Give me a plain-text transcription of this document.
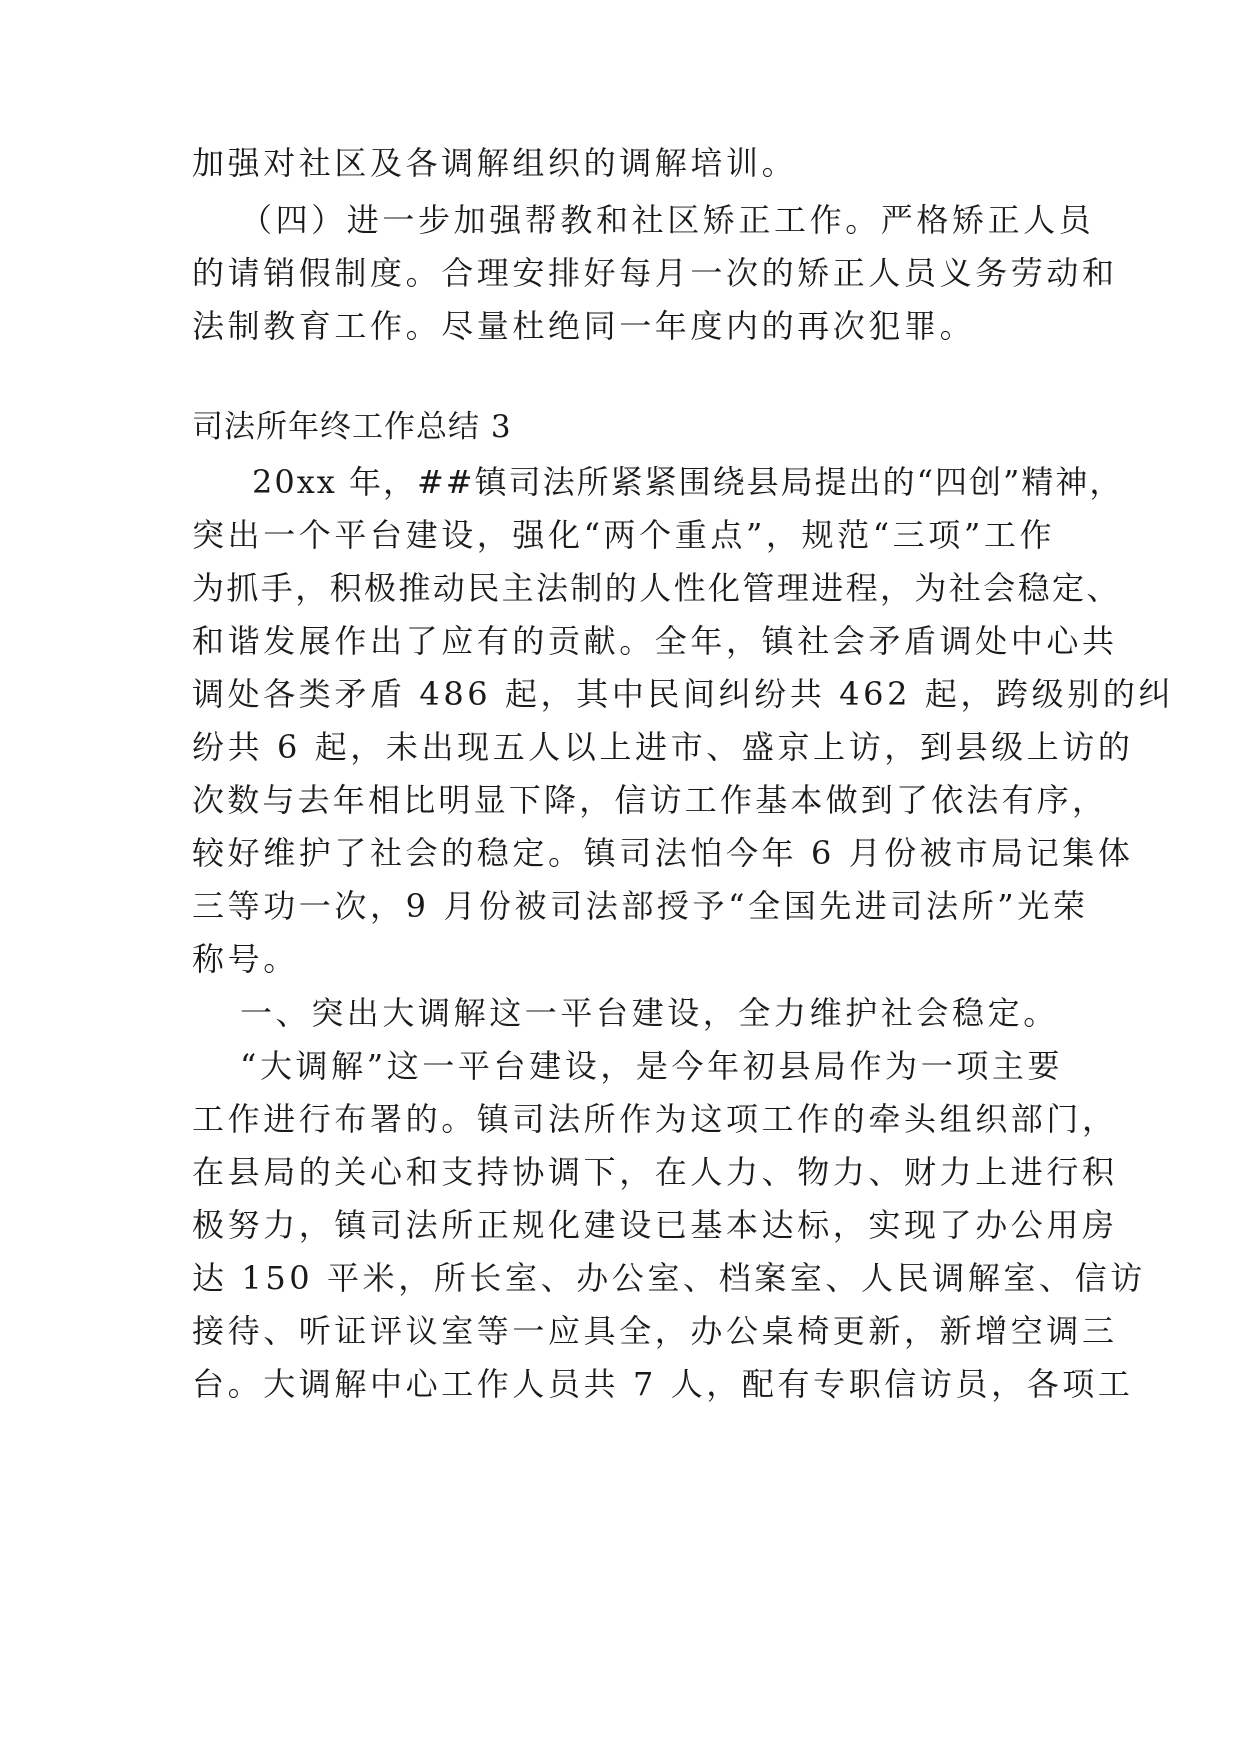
加强对社区及各调解组织的调解培训。
（四）进一步加强帮教和社区矫正工作。严格矫正人员
的请销假制度。合理安排好每月一次的矫正人员义务劳动和
法制教育工作。尽量杜绝同一年度内的再次犯罪。
司法所年终工作总结 3
20xx 年，##镇司法所紧紧围绕县局提出的“四创”精神，
突出一个平台建设，强化“两个重点”，规范“三项”工作
为抓手，积极推动民主法制的人性化管理进程，为社会稳定、
和谐发展作出了应有的贡献。全年，镇社会矛盾调处中心共
调处各类矛盾 486 起，其中民间纠纷共 462 起，跨级别的纠
纷共 6 起，未出现五人以上进市、盛京上访，到县级上访的
次数与去年相比明显下降，信访工作基本做到了依法有序，
较好维护了社会的稳定。镇司法怕今年 6 月份被市局记集体
三等功一次，9 月份被司法部授予“全国先进司法所”光荣
称号。
一、突出大调解这一平台建设，全力维护社会稳定。
“大调解”这一平台建设，是今年初县局作为一项主要
工作进行布署的。镇司法所作为这项工作的牵头组织部门，
在县局的关心和支持协调下，在人力、物力、财力上进行积
极努力，镇司法所正规化建设已基本达标，实现了办公用房
达 150 平米，所长室、办公室、档案室、人民调解室、信访
接待、听证评议室等一应具全，办公桌椅更新，新增空调三
台。大调解中心工作人员共 7 人，配有专职信访员，各项工
